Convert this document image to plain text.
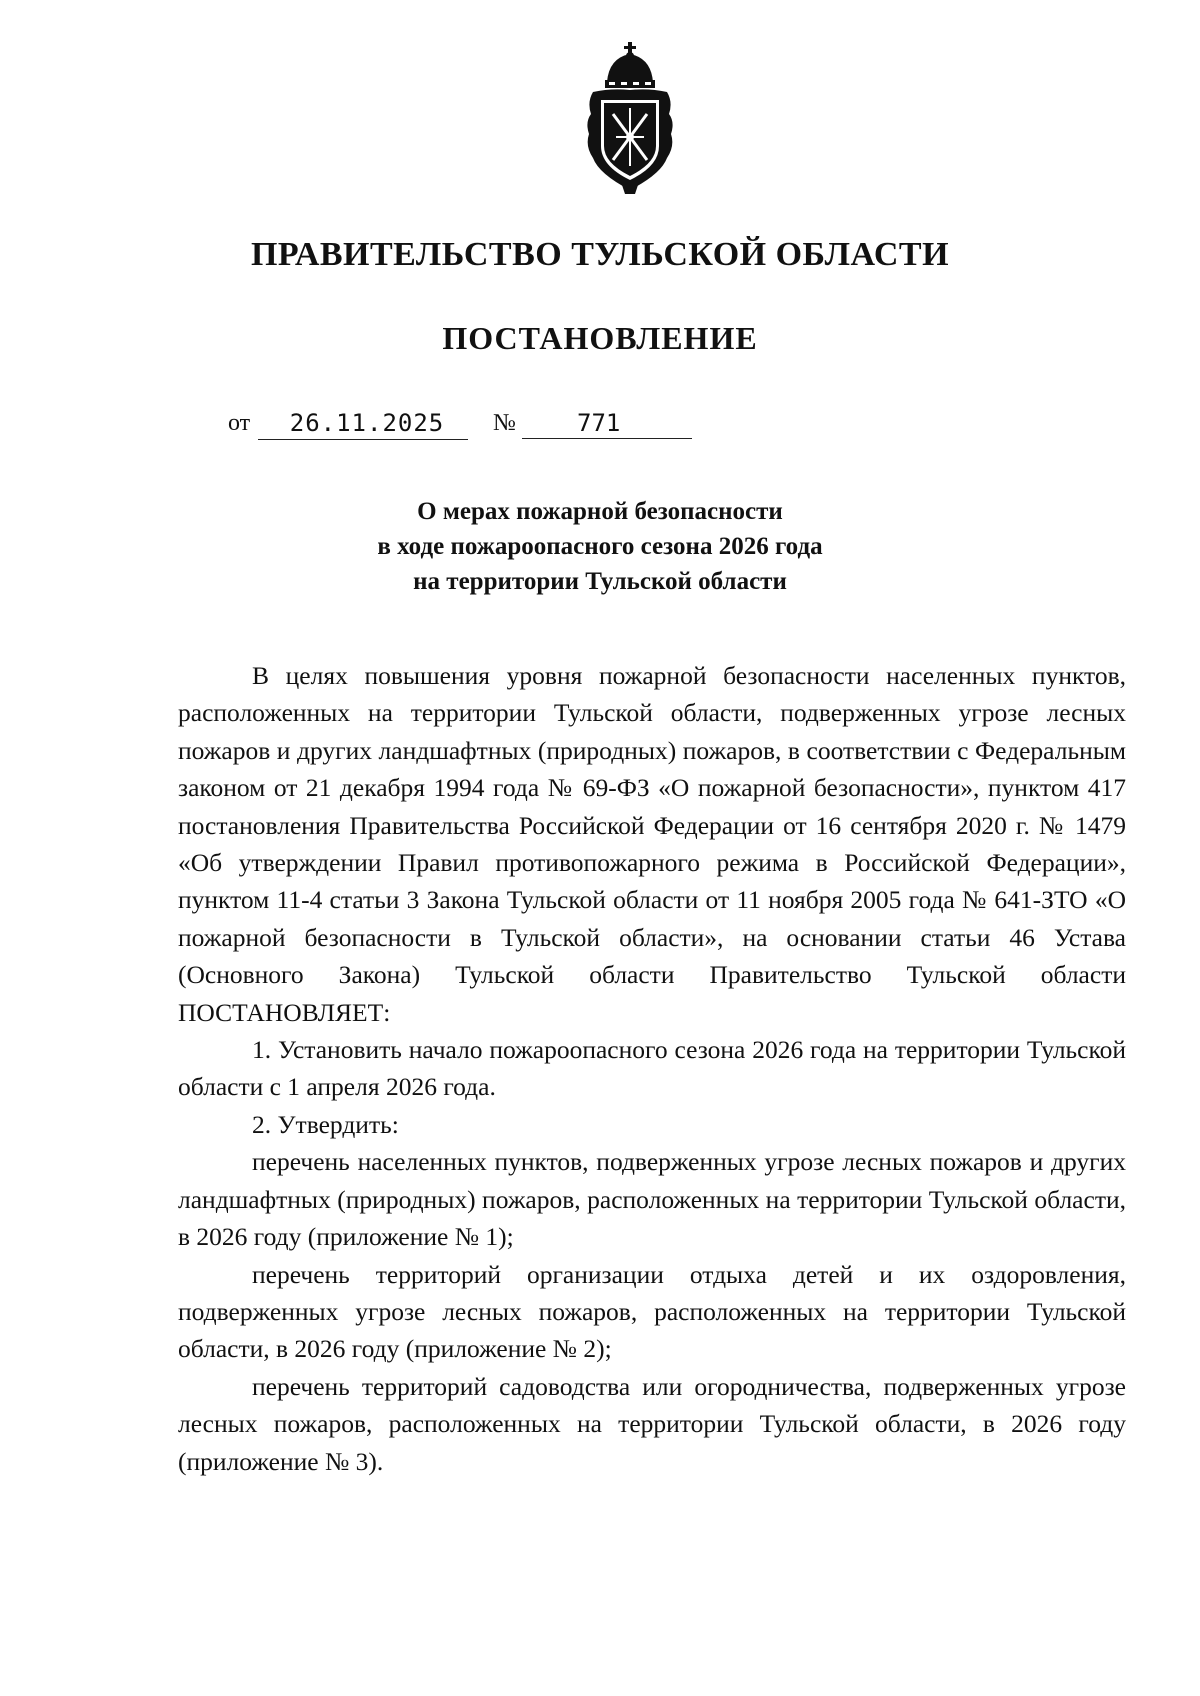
ПРАВИТЕЛЬСТВО ТУЛЬСКОЙ ОБЛАСТИ
ПОСТАНОВЛЕНИЕ
от	26.11.2025	№	771
О мерах пожарной безопасности
в ходе пожароопасного сезона 2026 года
на территории Тульской области

В целях повышения уровня пожарной безопасности населенных пунктов, расположенных на территории Тульской области, подверженных угрозе лесных пожаров и других ландшафтных (природных) пожаров, в соответствии с Федеральным законом от 21 декабря 1994 года № 69-ФЗ «О пожарной безопасности», пунктом 417 постановления Правительства Российской Федерации от 16 сентября 2020 г. № 1479 «Об утверждении Правил противопожарного режима в Российской Федерации», пунктом 11-4 статьи 3 Закона Тульской области от 11 ноября 2005 года № 641-ЗТО «О пожарной безопасности в Тульской области», на основании статьи 46 Устава (Основного Закона) Тульской области Правительство Тульской области ПОСТАНОВЛЯЕТ:

1. Установить начало пожароопасного сезона 2026 года на территории Тульской области с 1 апреля 2026 года.

2. Утвердить:

перечень населенных пунктов, подверженных угрозе лесных пожаров и других ландшафтных (природных) пожаров, расположенных на территории Тульской области, в 2026 году (приложение № 1);

перечень территорий организации отдыха детей и их оздоровления, подверженных угрозе лесных пожаров, расположенных на территории Тульской области, в 2026 году (приложение № 2);

перечень территорий садоводства или огородничества, подверженных угрозе лесных пожаров, расположенных на территории Тульской области, в 2026 году (приложение № 3).
